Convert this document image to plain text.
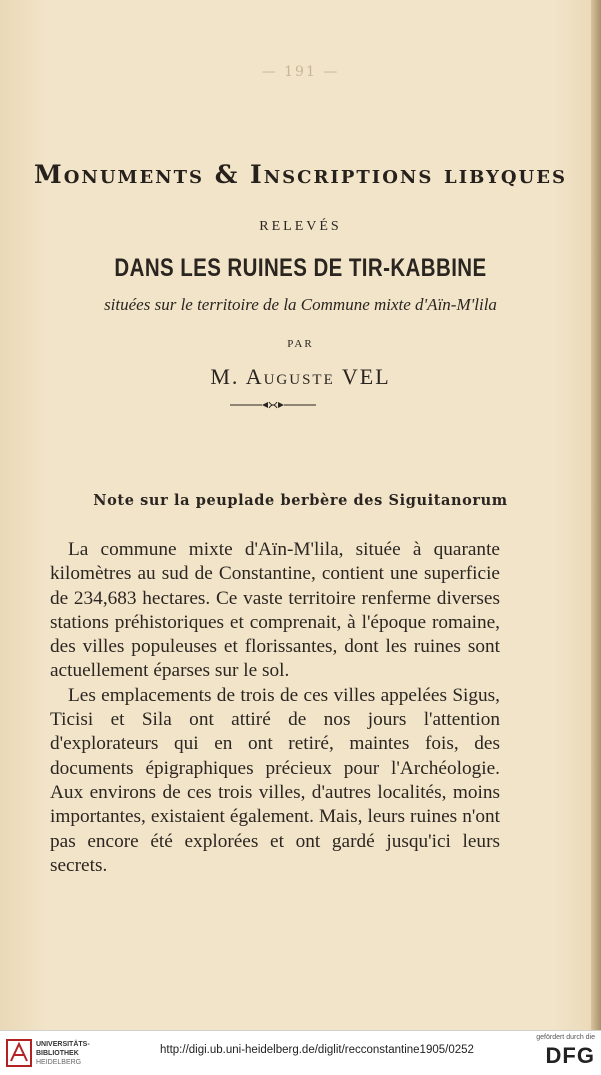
— 191 —
Monuments & Inscriptions libyques
RELEVÉS
DANS LES RUINES DE TIR-KABBINE
situées sur le territoire de la Commune mixte d'Aïn-M'lila
PAR
M. Auguste VEL
Note sur la peuplade berbère des Siguitanorum

La commune mixte d'Aïn-M'lila, située à quarante kilomètres au sud de Constantine, contient une superficie de 234,683 hectares. Ce vaste territoire renferme diverses stations préhistoriques et comprenait, à l'époque romaine, des villes populeuses et florissantes, dont les ruines sont actuellement éparses sur le sol.

Les emplacements de trois de ces villes appelées Sigus, Ticisi et Sila ont attiré de nos jours l'attention d'explorateurs qui en ont retiré, maintes fois, des documents épigraphiques précieux pour l'Archéologie. Aux environs de ces trois villes, d'autres localités, moins importantes, existaient également. Mais, leurs ruines n'ont pas encore été explorées et ont gardé jusqu'ici leurs secrets.

UNIVERSITÄTS-
BIBLIOTHEK
HEIDELBERG
http://digi.ub.uni-heidelberg.de/diglit/recconstantine1905/0252
gefördert durch die
DFG
